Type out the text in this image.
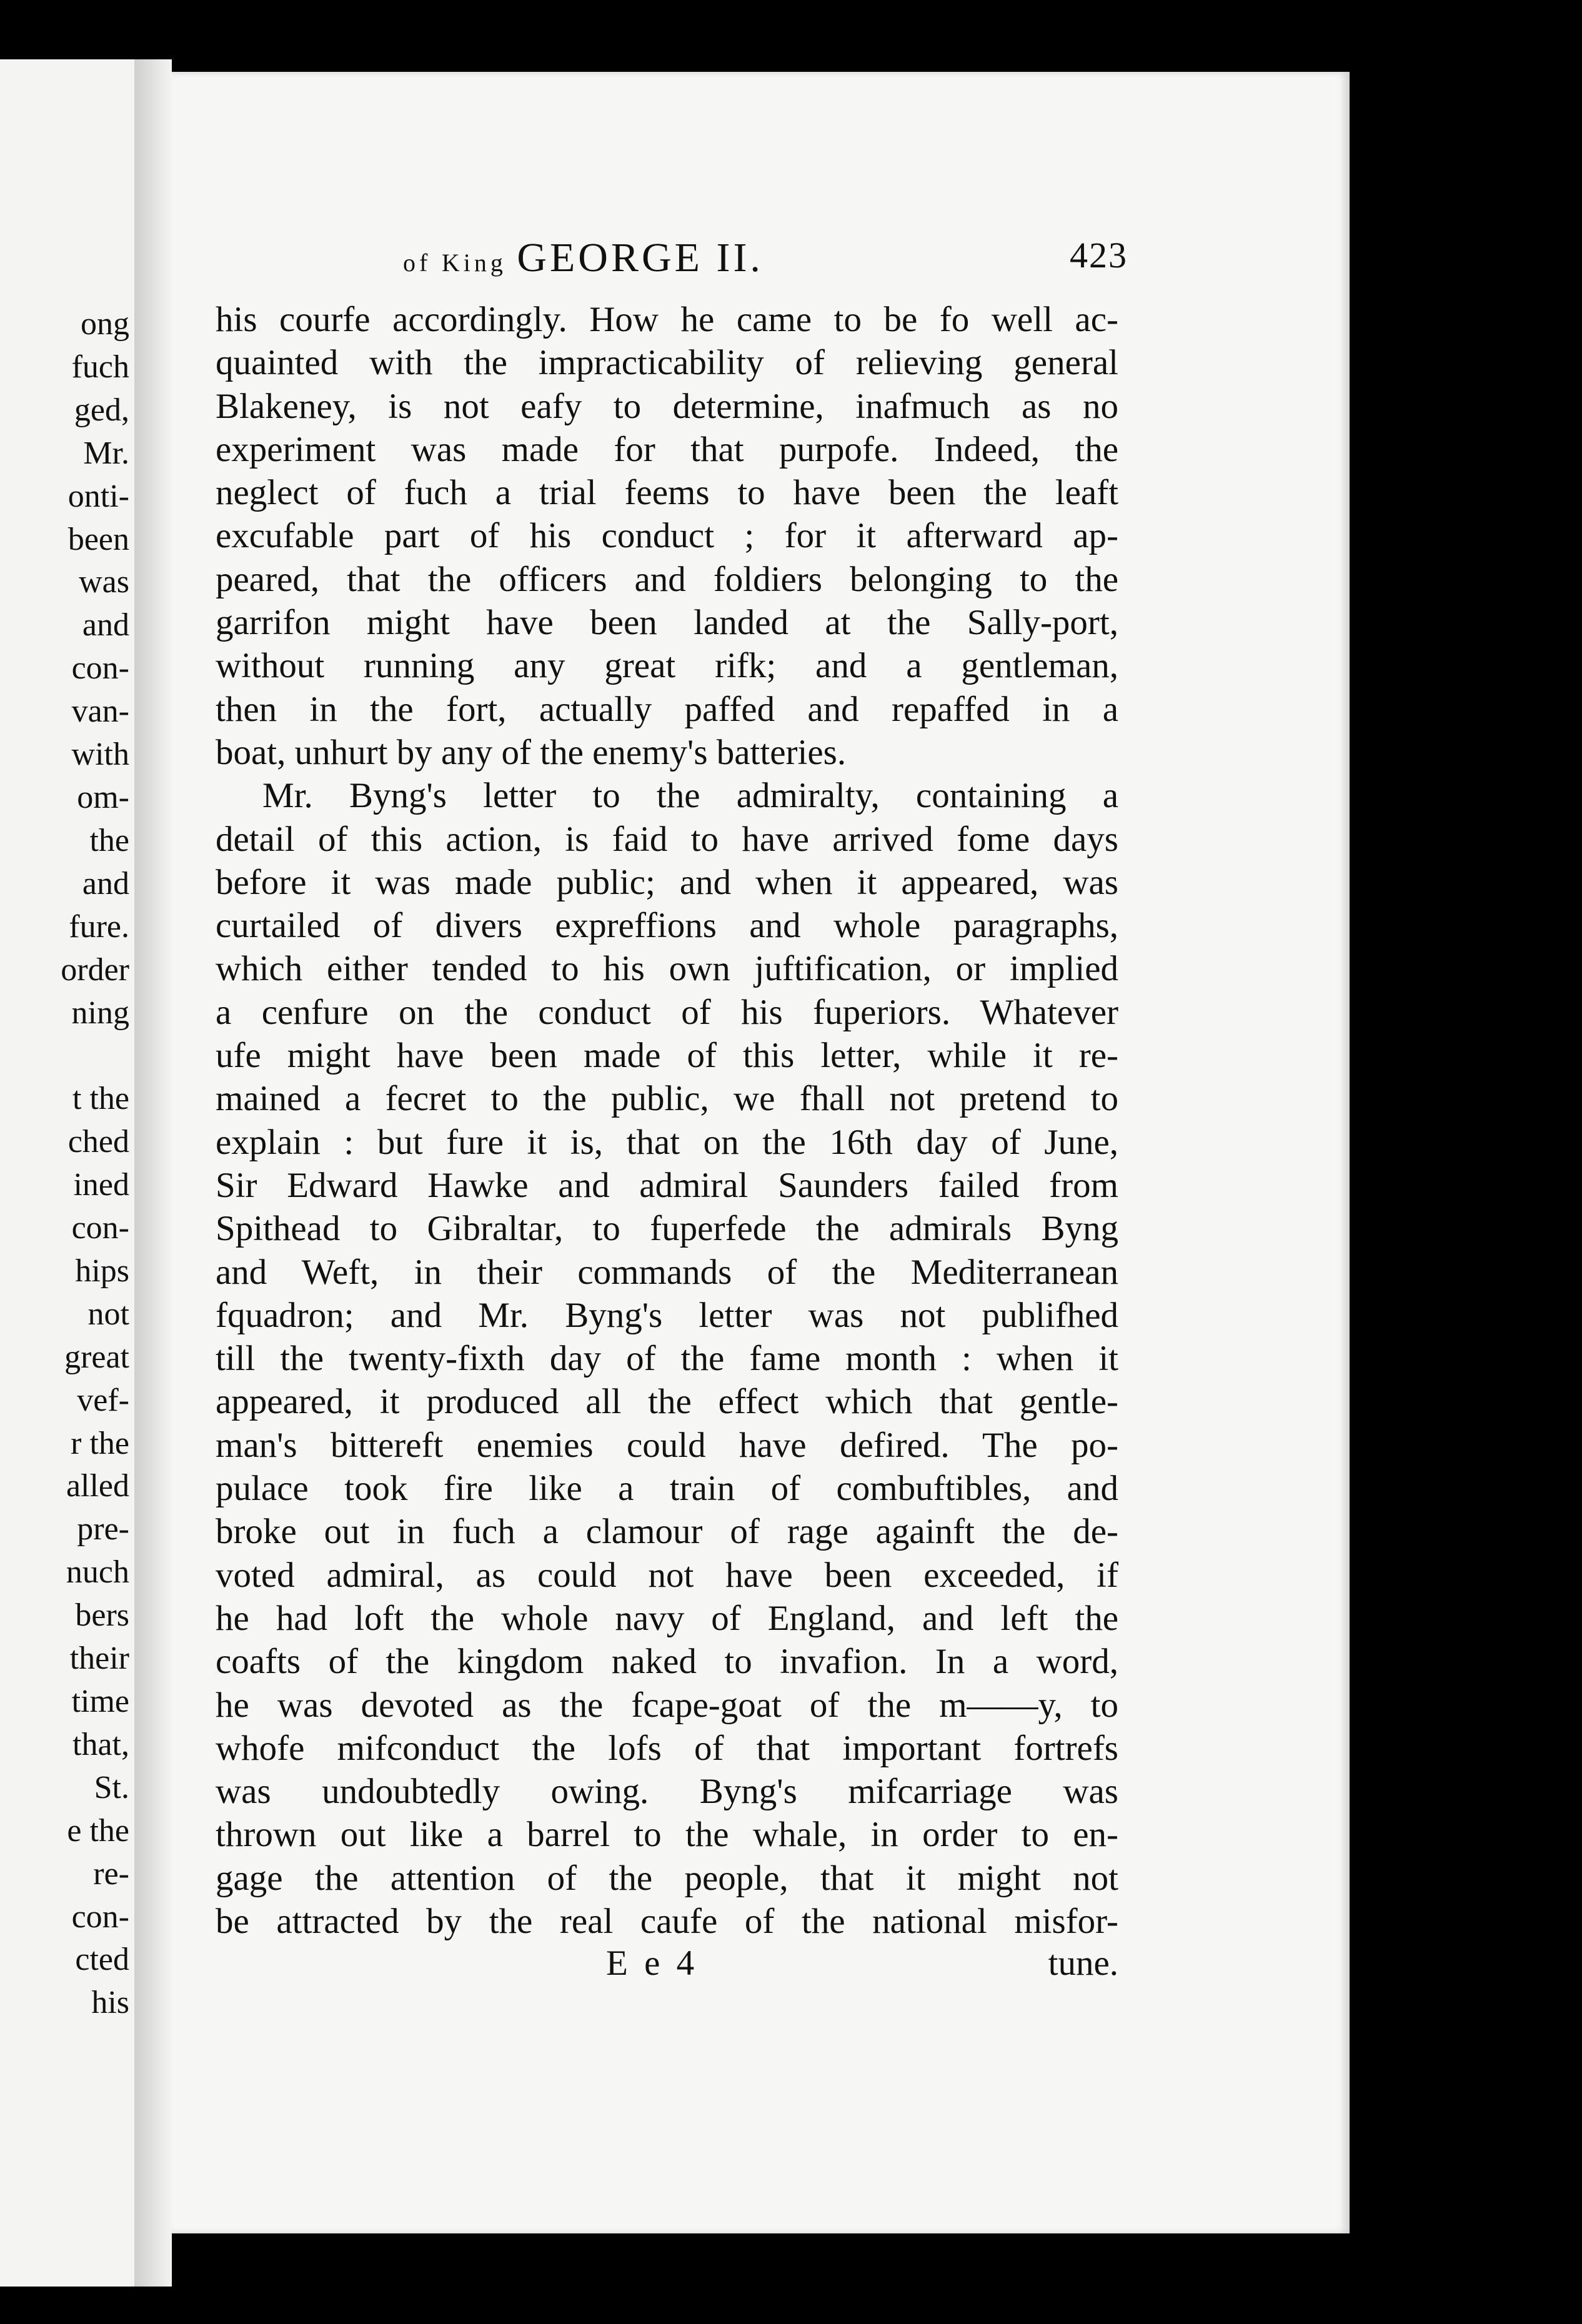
ong
fuch
ged,
Mr.
onti-
been
was
and
con-
van-
with
om-
the
and
fure.
order
ning

t the
ched
ined
con-
hips
not
great
vef-
r the
alled
pre-
nuch
bers
their
time
that,
St.
e the
re-
con-
cted
his
of King GEORGE II.	423
his courfe accordingly. How he came to be fo well ac-
quainted with the impracticability of relieving general
Blakeney, is not eafy to determine, inafmuch as no
experiment was made for that purpofe. Indeed, the
neglect of fuch a trial feems to have been the leaft
excufable part of his conduct ; for it afterward ap-
peared, that the officers and foldiers belonging to the
garrifon might have been landed at the Sally-port,
without running any great rifk; and a gentleman,
then in the fort, actually paffed and repaffed in a
boat, unhurt by any of the enemy's batteries.
Mr. Byng's letter to the admiralty, containing a
detail of this action, is faid to have arrived fome days
before it was made public; and when it appeared, was
curtailed of divers expreffions and whole paragraphs,
which either tended to his own juftification, or implied
a cenfure on the conduct of his fuperiors. Whatever
ufe might have been made of this letter, while it re-
mained a fecret to the public, we fhall not pretend to
explain : but fure it is, that on the 16th day of June,
Sir Edward Hawke and admiral Saunders failed from
Spithead to Gibraltar, to fuperfede the admirals Byng
and Weft, in their commands of the Mediterranean
fquadron; and Mr. Byng's letter was not publifhed
till the twenty-fixth day of the fame month : when it
appeared, it produced all the effect which that gentle-
man's bittereft enemies could have defired. The po-
pulace took fire like a train of combuftibles, and
broke out in fuch a clamour of rage againft the de-
voted admiral, as could not have been exceeded, if
he had loft the whole navy of England, and left the
coafts of the kingdom naked to invafion. In a word,
he was devoted as the fcape-goat of the m——y, to
whofe mifconduct the lofs of that important fortrefs
was undoubtedly owing. Byng's mifcarriage was
thrown out like a barrel to the whale, in order to en-
gage the attention of the people, that it might not
be attracted by the real caufe of the national misfor-
E e 4	tune.
